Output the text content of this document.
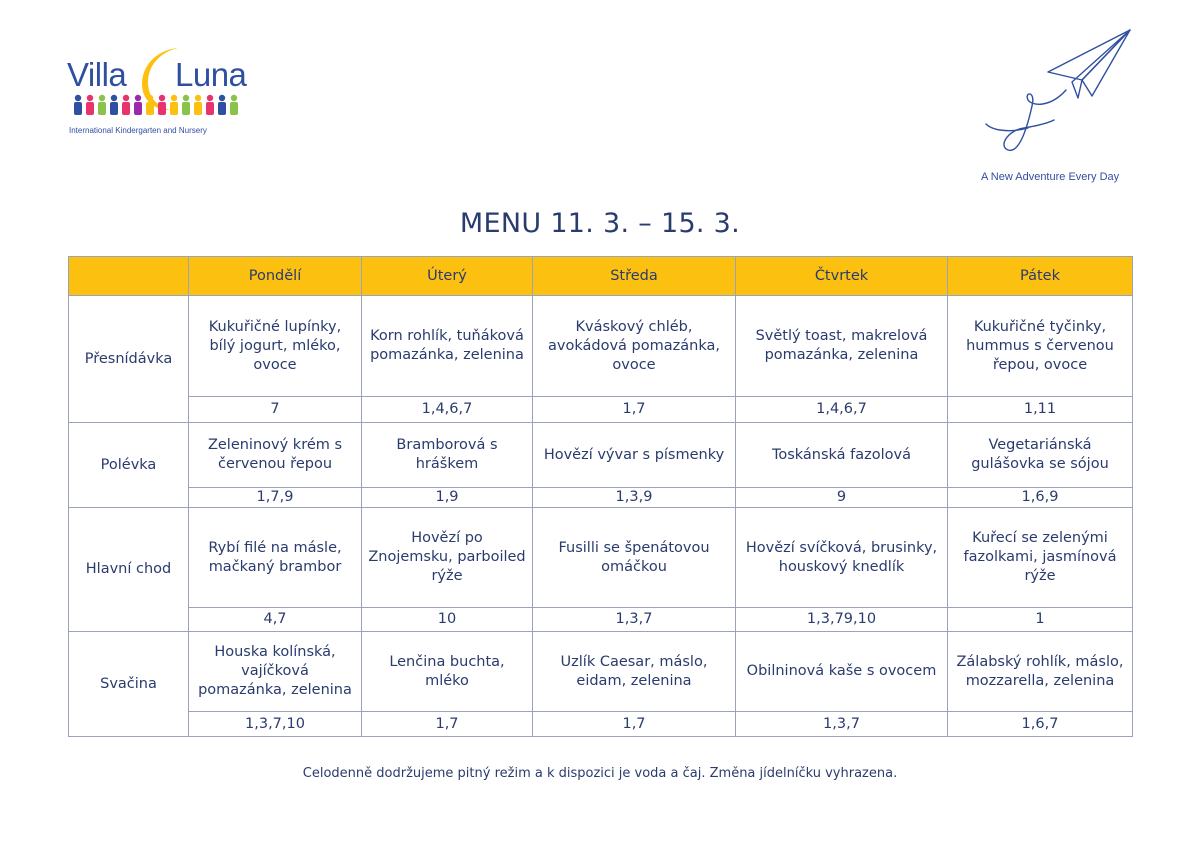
Villa Luna
International Kindergarten and Nursery
A New Adventure Every Day
MENU 11. 3. – 15. 3.
	Pondělí	Úterý	Středa	Čtvrtek	Pátek
Přesnídávka	Kukuřičné lupínky, bílý jogurt, mléko, ovoce	Korn rohlík, tuňáková pomazánka, zelenina	Kváskový chléb, avokádová pomazánka, ovoce	Světlý toast, makrelová pomazánka, zelenina	Kukuřičné tyčinky, hummus s červenou řepou, ovoce
	7	1,4,6,7	1,7	1,4,6,7	1,11
Polévka	Zeleninový krém s červenou řepou	Bramborová s hráškem	Hovězí vývar s písmenky	Toskánská fazolová	Vegetariánská gulášovka se sójou
	1,7,9	1,9	1,3,9	9	1,6,9
Hlavní chod	Rybí filé na másle, mačkaný brambor	Hovězí po Znojemsku, parboiled rýže	Fusilli se špenátovou omáčkou	Hovězí svíčková, brusinky, houskový knedlík	Kuřecí se zelenými fazolkami, jasmínová rýže
	4,7	10	1,3,7	1,3,79,10	1
Svačina	Houska kolínská, vajíčková pomazánka, zelenina	Lenčina buchta, mléko	Uzlík Caesar, máslo, eidam, zelenina	Obilninová kaše s ovocem	Zálabský rohlík, máslo, mozzarella, zelenina
	1,3,7,10	1,7	1,7	1,3,7	1,6,7
Celodenně dodržujeme pitný režim a k dispozici je voda a čaj. Změna jídelníčku vyhrazena.
